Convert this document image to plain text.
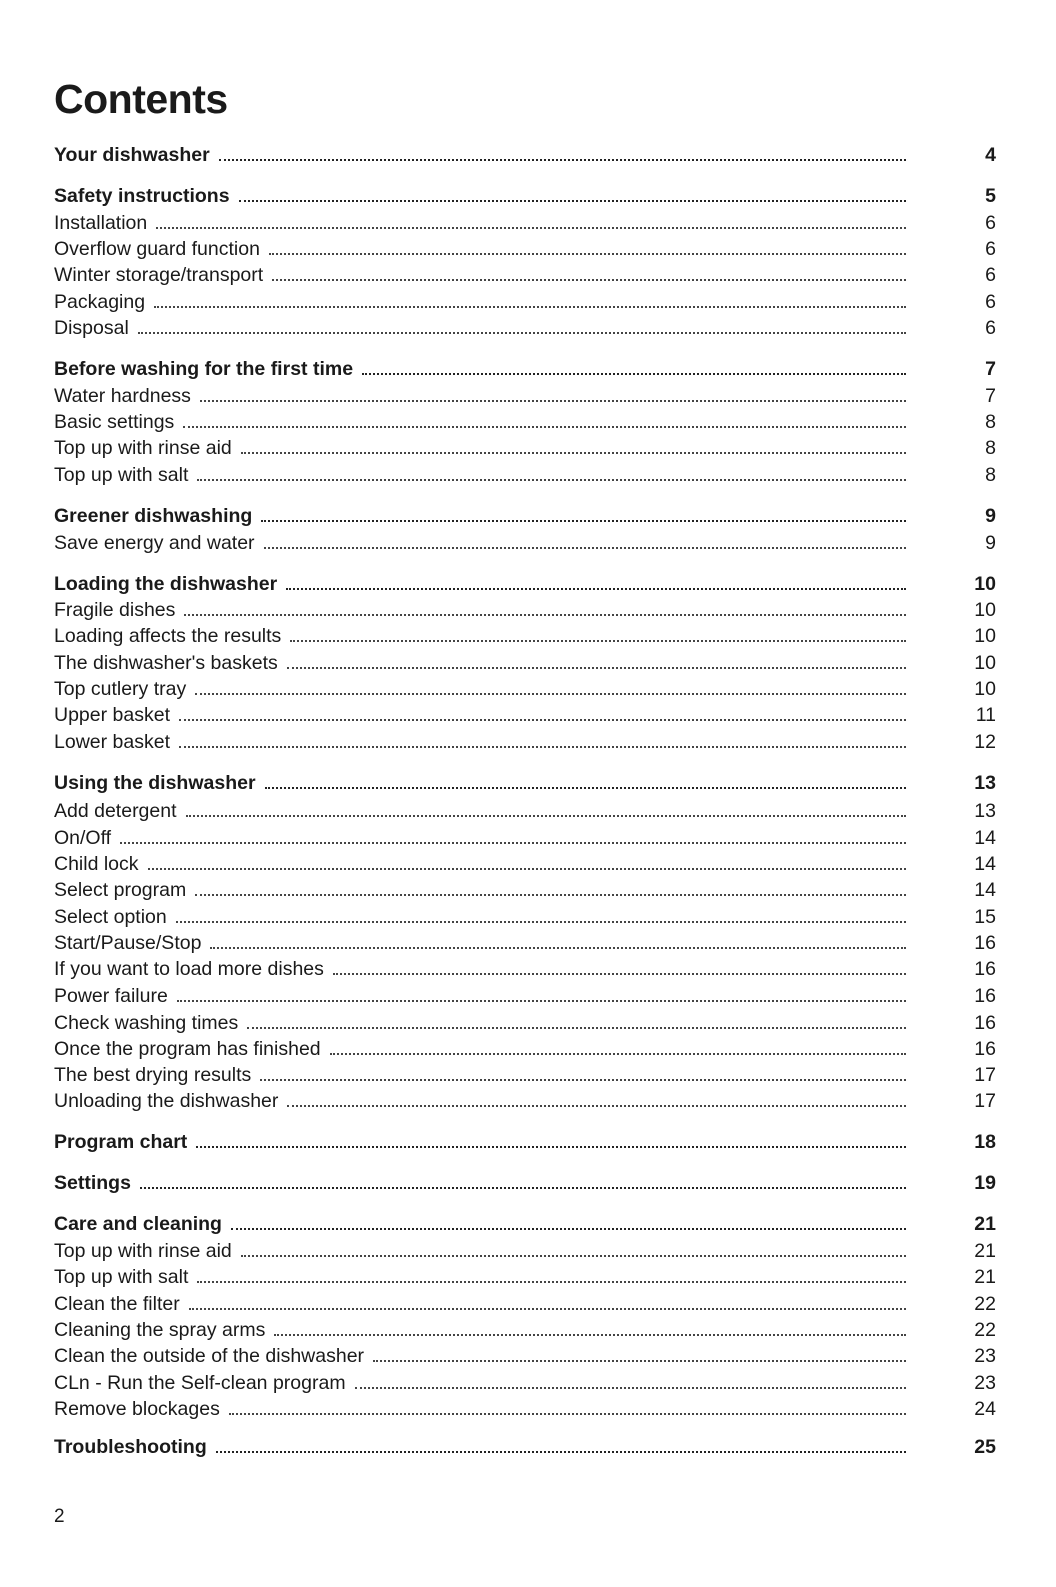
Contents
Your dishwasher	4
Safety instructions	5
Installation	6
Overflow guard function	6
Winter storage/transport	6
Packaging	6
Disposal	6
Before washing for the first time	7
Water hardness	7
Basic settings	8
Top up with rinse aid	8
Top up with salt	8
Greener dishwashing	9
Save energy and water	9
Loading the dishwasher	10
Fragile dishes	10
Loading affects the results	10
The dishwasher's baskets	10
Top cutlery tray	10
Upper basket	11
Lower basket	12
Using the dishwasher	13
Add detergent	13
On/Off	14
Child lock	14
Select program	14
Select option	15
Start/Pause/Stop	16
If you want to load more dishes	16
Power failure	16
Check washing times	16
Once the program has finished	16
The best drying results	17
Unloading the dishwasher	17
Program chart	18
Settings	19
Care and cleaning	21
Top up with rinse aid	21
Top up with salt	21
Clean the filter	22
Cleaning the spray arms	22
Clean the outside of the dishwasher	23
CLn - Run the Self-clean program	23
Remove blockages	24
Troubleshooting	25

2
